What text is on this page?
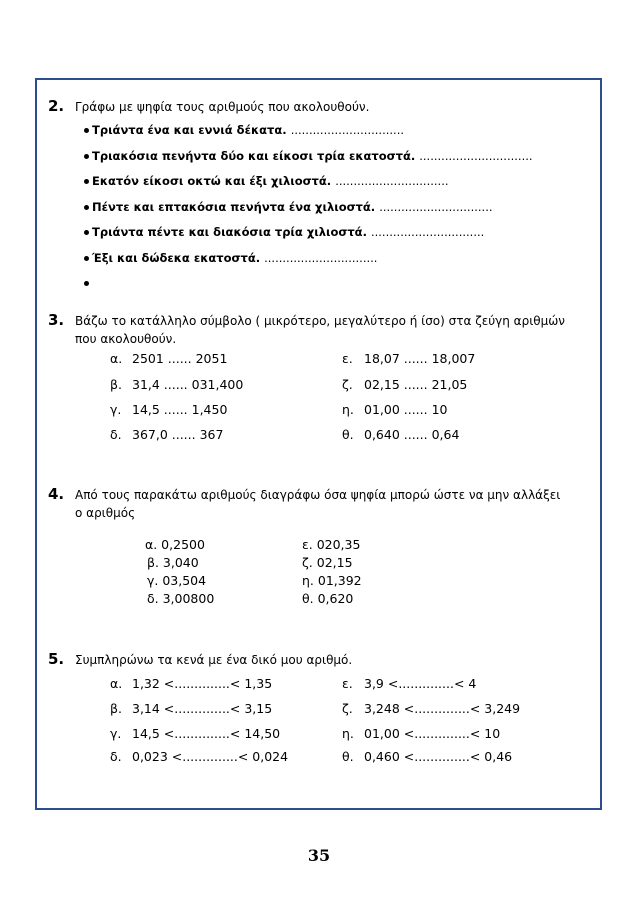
2. Γράφω με ψηφία τους αριθμούς που ακολουθούν.
Τριάντα ένα και εννιά δέκατα. ...............................
Τριακόσια πενήντα δύο και είκοσι τρία εκατοστά. ...............................
Εκατόν είκοσι οκτώ και έξι χιλιοστά. ...............................
Πέντε και επτακόσια πενήντα ένα χιλιοστά. ...............................
Τριάντα πέντε και διακόσια τρία χιλιοστά. ...............................
Έξι και δώδεκα εκατοστά. ...............................
3. Βάζω το κατάλληλο σύμβολο ( μικρότερο, μεγαλύτερο ή ίσο) στα ζεύγη αριθμών που ακολουθούν.
α. 2501 ...... 2051
β. 31,4 ...... 031,400
γ. 14,5 ...... 1,450
δ. 367,0 ...... 367
ε. 18,07 ...... 18,007
ζ. 02,15 ...... 21,05
η. 01,00 ...... 10
θ. 0,640 ...... 0,64
4. Από τους παρακάτω αριθμούς διαγράφω όσα ψηφία μπορώ ώστε να μην αλλάξει ο αριθμός
α. 0,2500
β. 3,040
γ. 03,504
δ. 3,00800
ε. 020,35
ζ. 02,15
η. 01,392
θ. 0,620
5. Συμπληρώνω τα κενά με ένα δικό μου αριθμό.
α. 1,32 <..............< 1,35
β. 3,14 <..............< 3,15
γ. 14,5 <..............< 14,50
δ. 0,023 <..............< 0,024
ε. 3,9 <..............< 4
ζ. 3,248 <..............< 3,249
η. 01,00 <..............< 10
θ. 0,460 <..............< 0,46
35
